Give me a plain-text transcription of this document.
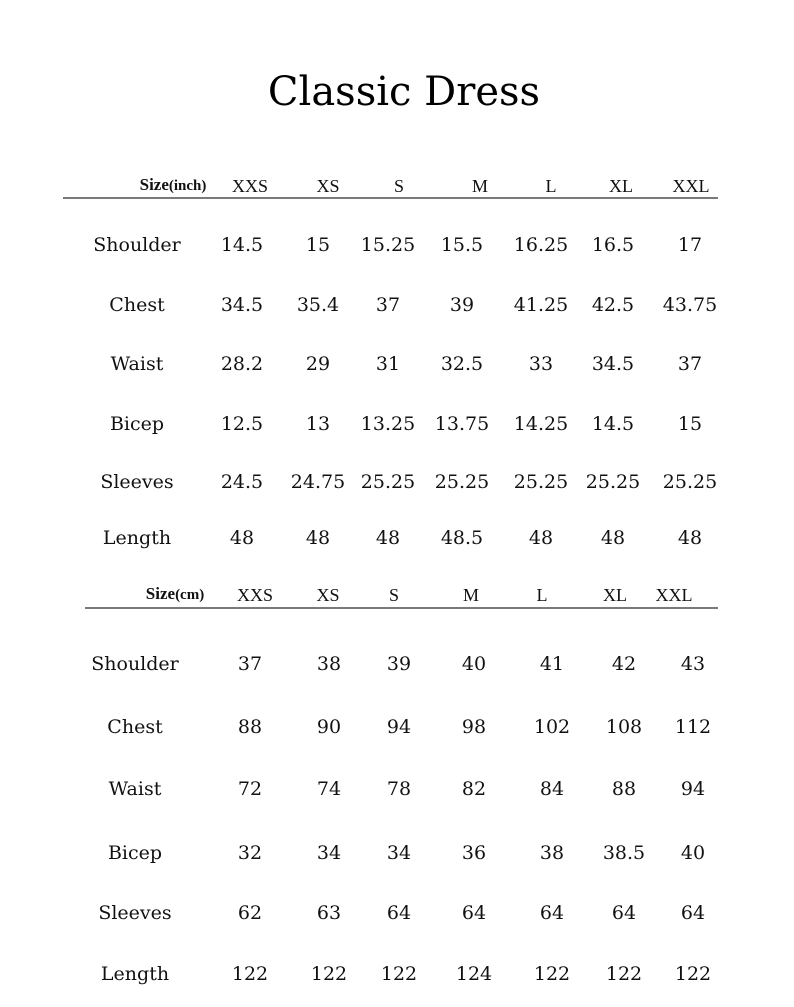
Classic Dress
Size(inch) XXS	XS	S	M	L	XL XXL
Shoulder 14.5 15 15.25 15.5 16.25 16.5 17
Chest	34.5 35.4 37	39 41.25 42.5 43.75
Waist	28.2 29 31 32.5 33 34.5 37
Bicep	12.5 13 13.25 13.75 14.25 14.5 15
Sleeves 24.5 24.75 25.25 25.25 25.25 25.25 25.25
Length	48	48 48 48.5 48	48	48
Size(cm) XXS XS	S	M	L	XL XXL
Shoulder	37	38 39	40	41	42 43
Chest	88	90 94	98	102 108 112
Waist	72	74 78	82	84	88 94
Bicep	32	34 34	36	38 38.5 40
Sleeves	62	63 64	64	64	64 64
Length	122 122 122 124 122 122 122
